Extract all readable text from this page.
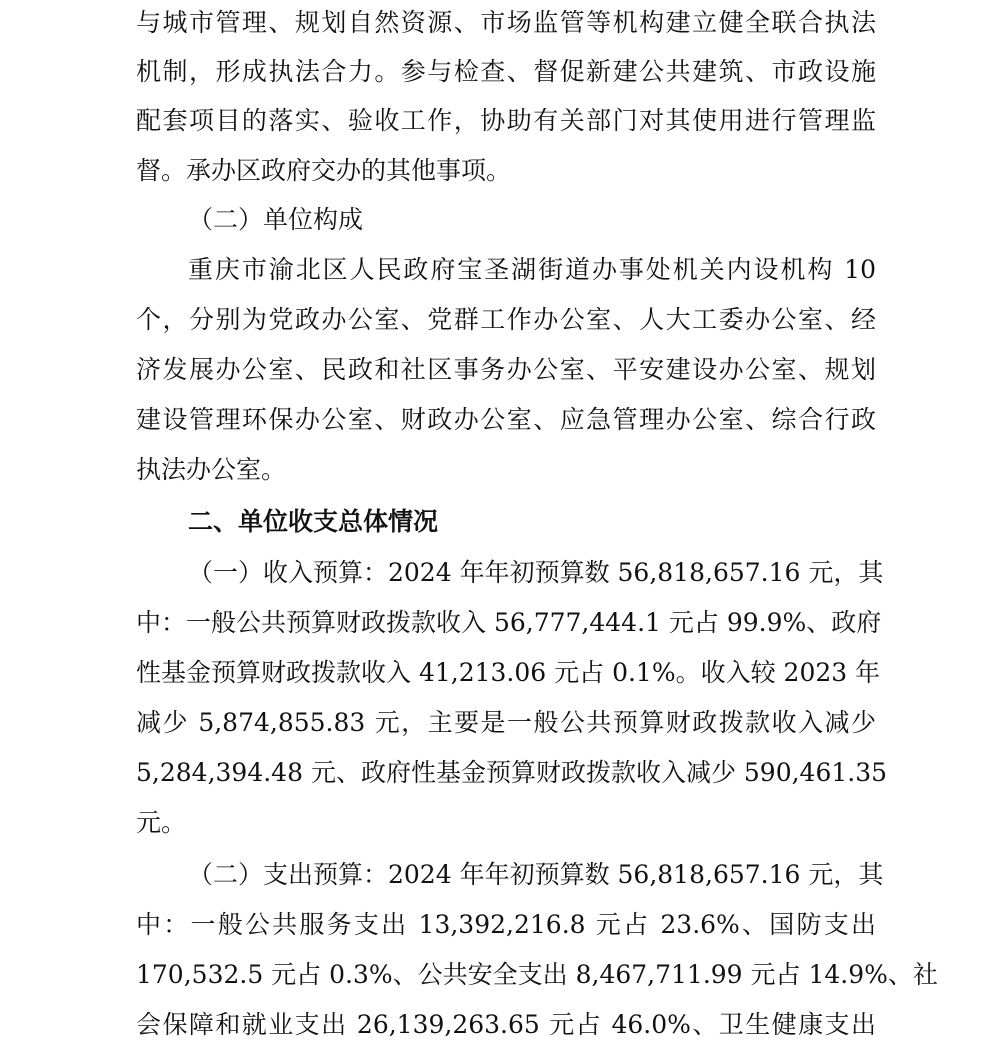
与城市管理、规划自然资源、市场监管等机构建立健全联合执法
机制，形成执法合力。参与检查、督促新建公共建筑、市政设施
配套项目的落实、验收工作，协助有关部门对其使用进行管理监
督。承办区政府交办的其他事项。
（二）单位构成
重庆市渝北区人民政府宝圣湖街道办事处机关内设机构 10
个，分别为党政办公室、党群工作办公室、人大工委办公室、经
济发展办公室、民政和社区事务办公室、平安建设办公室、规划
建设管理环保办公室、财政办公室、应急管理办公室、综合行政
执法办公室。
二、单位收支总体情况
（一）收入预算：2024 年年初预算数 56,818,657.16 元，其
中：一般公共预算财政拨款收入 56,777,444.1 元占 99.9%、政府
性基金预算财政拨款收入 41,213.06 元占 0.1%。收入较 2023 年
减少 5,874,855.83 元，主要是一般公共预算财政拨款收入减少
5,284,394.48 元、政府性基金预算财政拨款收入减少 590,461.35
元。
（二）支出预算：2024 年年初预算数 56,818,657.16 元，其
中：一般公共服务支出 13,392,216.8 元占 23.6%、国防支出
170,532.5 元占 0.3%、公共安全支出 8,467,711.99 元占 14.9%、社
会保障和就业支出 26,139,263.65 元占 46.0%、卫生健康支出
